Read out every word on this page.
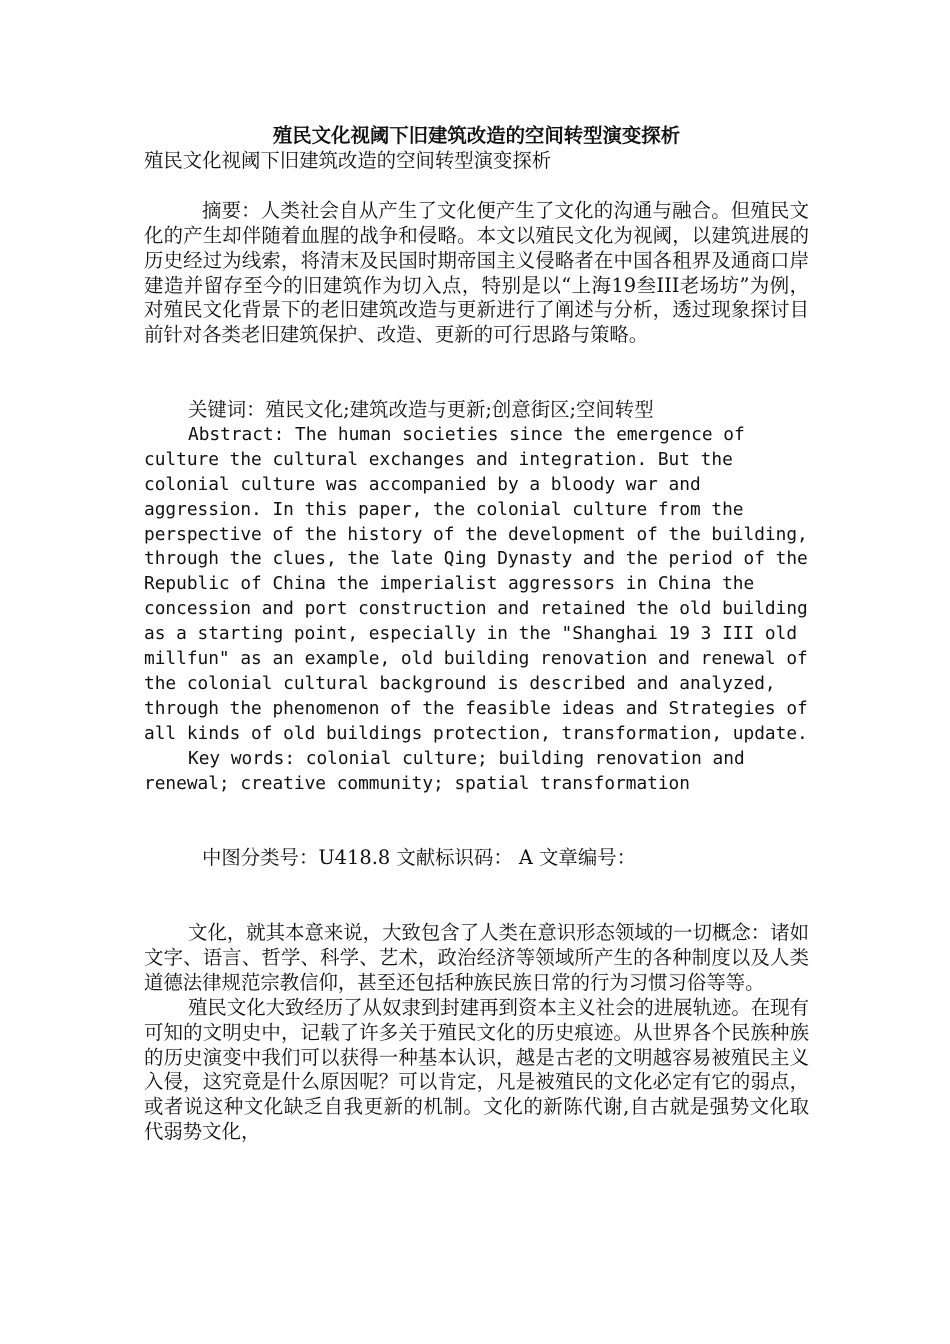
殖民文化视阈下旧建筑改造的空间转型演变探析

殖民文化视阈下旧建筑改造的空间转型演变探析

摘要：人类社会自从产生了文化便产生了文化的沟通与融合。但殖民文化的产生却伴随着血腥的战争和侵略。本文以殖民文化为视阈，以建筑进展的历史经过为线索，将清末及民国时期帝国主义侵略者在中国各租界及通商口岸建造并留存至今的旧建筑作为切入点，特别是以“上海19叁III老场坊”为例，对殖民文化背景下的老旧建筑改造与更新进行了阐述与分析，透过现象探讨目前针对各类老旧建筑保护、改造、更新的可行思路与策略。

关键词：殖民文化;建筑改造与更新;创意街区;空间转型

Abstract: The human societies since the emergence of culture the cultural exchanges and integration. But the colonial culture was accompanied by a bloody war and aggression. In this paper, the colonial culture from the perspective of the history of the development of the building, through the clues, the late Qing Dynasty and the period of the Republic of China the imperialist aggressors in China the concession and port construction and retained the old building as a starting point, especially in the "Shanghai 19 3 III old millfun" as an example, old building renovation and renewal of the colonial cultural background is described and analyzed, through the phenomenon of the feasible ideas and Strategies of all kinds of old buildings protection, transformation, update.

Key words: colonial culture; building renovation and renewal; creative community; spatial transformation

中图分类号：U418.8 文献标识码： A 文章编号：

文化，就其本意来说，大致包含了人类在意识形态领域的一切概念：诸如文字、语言、哲学、科学、艺术，政治经济等领域所产生的各种制度以及人类道德法律规范宗教信仰，甚至还包括种族民族日常的行为习惯习俗等等。

殖民文化大致经历了从奴隶到封建再到资本主义社会的进展轨迹。在现有可知的文明史中，记载了许多关于殖民文化的历史痕迹。从世界各个民族种族的历史演变中我们可以获得一种基本认识，越是古老的文明越容易被殖民主义入侵，这究竟是什么原因呢？可以肯定，凡是被殖民的文化必定有它的弱点，或者说这种文化缺乏自我更新的机制。文化的新陈代谢,自古就是强势文化取代弱势文化，
